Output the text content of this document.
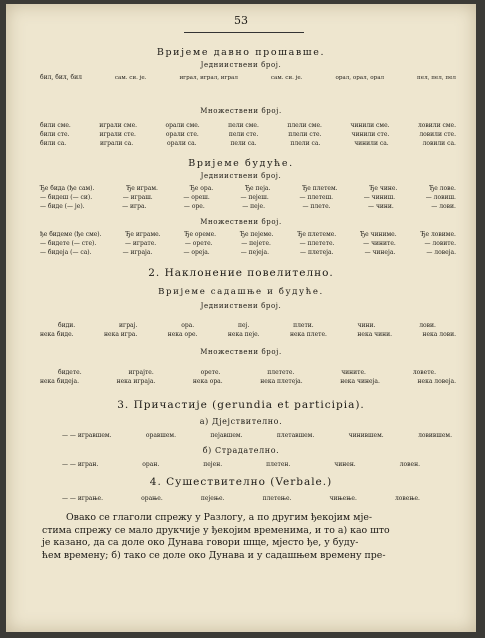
53
Вријеме давно прошавше.
Једнииствени број.
бил, бил, бил	сам. си. је.	играл, играл, играл	сам. си. је.	орал, орал, орал	пел, пел, пел
Множествени број.
били сме.	играли сме.	орали сме.	пели сме.	плели сме.	чинили сме.	ловили сме.
били сте.	играли сте.	орали сте.	пели сте.	плели сте.	чинили сте.	ловили сте.
били са.	играли са.	орали са.	пели са.	плели са.	чинили са.	ловили са.
Вријеме будуће.
Једнииствени број.
Ђе бида (ђе сам).	Ђе играм.	Ђе ора.	Ђе пеја.	Ђе плетем.	Ђе чине.	Ђе лове.
— бидеш (— си).	— играш.	— ореш.	— пејеш.	— плетеш.	— чиниш.	— ловиш.
— биде (— је).	— игра.	— оре.	— пеје.	— плете.	— чини.	— лови.
Множествени број.
ђе бидеме (ђе сме).	Ђе играме.	Ђе ореме.	Ђе пејеме.	Ђе плетеме.	Ђе чиниме.	Ђе ловиме.
— бидете (— сте).	— играте.	— орете.	— пејете.	— плетете.	— чините.	— ловите.
— бидеја (— са).	— играја.	— ореја.	— пејеја.	— плетеја.	— чинеја.	— ловеја.
2. Наклонение повелително.
Вријеме садашње и будуће.
Једнииствени број.
биди.	играј.	ора.	пеј.	плети.	чини.	лови.
нека биде.	нека игра.	нека оре.	нека пеје.	нека плете.	нека чини.	нека лови.
Множествени број.
бидете.	играјте.	орете.	плетете.	чините.	ловете.
нека бидеја.	нека играја.	нека ора.	нека плетеја.	нека чинеја.	нека ловеја.
3. Причастије (gerundia et participia).
а) Дјејствително.
— — игравшем.	оравшем.	пејавшем.	плетавшем.	чинившем.	ловившем.
б) Страдателно.
— — игран.	оран.	пеjен.	плетен.	чинен.	ловен.
4. Сушествително (Verbale.)
— — играње.	орање.	пејење.	плетење.	чињење.	ловење.
Овако се глаголи спрежу у Разлогу, а по другим ђекојим мје-
стима спрежу се мало друкчије у ђекојим временима, и то а) као што
је казано, да са доле око Дунава говори шще, мјесто ђе, у буду-
ћем времену; б) тако се доле око Дунава и у садашњем времену пре-
